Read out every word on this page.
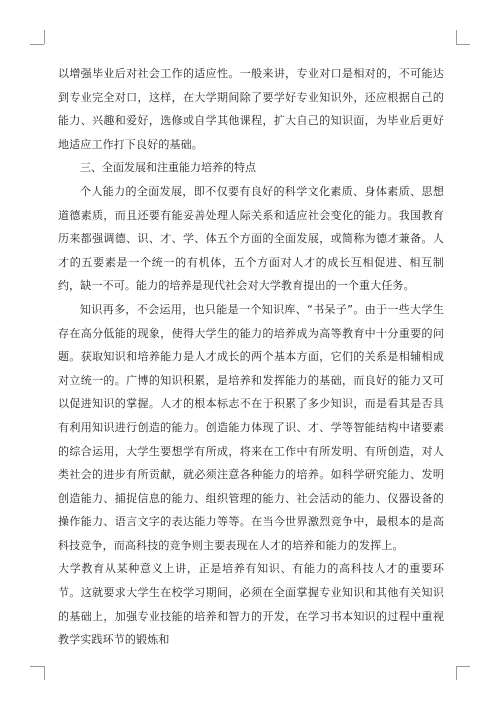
以增强毕业后对社会工作的适应性。一般来讲，专业对口是相对的，不可能达到专业完全对口，这样，在大学期间除了要学好专业知识外，还应根据自己的能力、兴趣和爱好，选修或自学其他课程，扩大自己的知识面，为毕业后更好地适应工作打下良好的基础。

三、全面发展和注重能力培养的特点

个人能力的全面发展，即不仅要有良好的科学文化素质、身体素质、思想道德素质，而且还要有能妥善处理人际关系和适应社会变化的能力。我国教育历来都强调德、识、才、学、体五个方面的全面发展，或简称为德才兼备。人才的五要素是一个统一的有机体，五个方面对人才的成长互相促进、相互制约，缺一不可。能力的培养是现代社会对大学教育提出的一个重大任务。

知识再多，不会运用，也只能是一个知识库、“书呆子”。由于一些大学生存在高分低能的现象，使得大学生的能力的培养成为高等教育中十分重要的问题。获取知识和培养能力是人才成长的两个基本方面，它们的关系是相辅相成对立统一的。广博的知识积累，是培养和发挥能力的基础，而良好的能力又可以促进知识的掌握。人才的根本标志不在于积累了多少知识，而是看其是否具有利用知识进行创造的能力。创造能力体现了识、才、学等智能结构中诸要素的综合运用，大学生要想学有所成，将来在工作中有所发明、有所创造，对人类社会的进步有所贡献，就必须注意各种能力的培养。如科学研究能力、发明创造能力、捕捉信息的能力、组织管理的能力、社会活动的能力、仪器设备的操作能力、语言文字的表达能力等等。在当今世界激烈竞争中，最根本的是高科技竞争，而高科技的竞争则主要表现在人才的培养和能力的发挥上。

大学教育从某种意义上讲，正是培养有知识、有能力的高科技人才的重要环节。这就要求大学生在校学习期间，必须在全面掌握专业知识和其他有关知识的基础上，加强专业技能的培养和智力的开发，在学习书本知识的过程中重视教学实践环节的锻炼和
